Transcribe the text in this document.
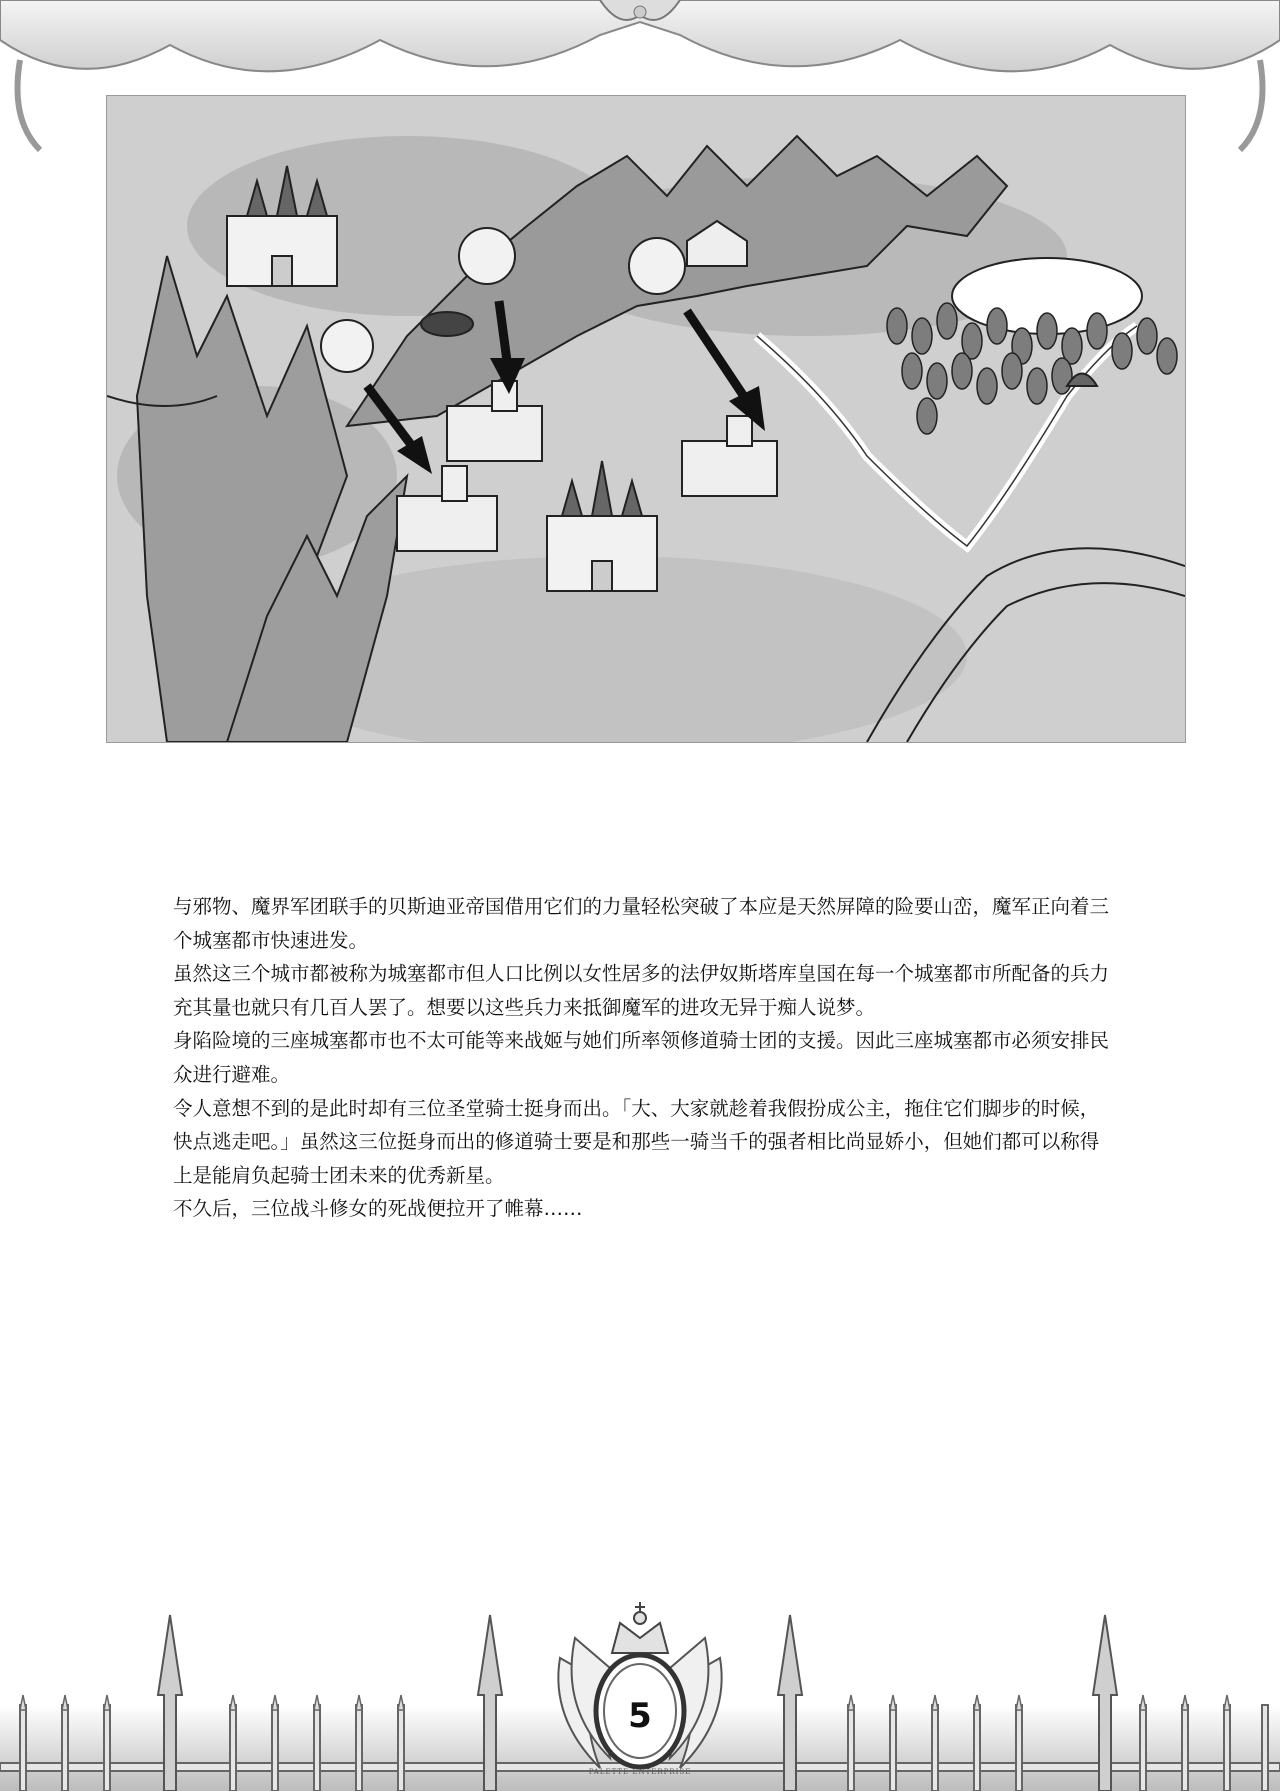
与邪物、魔界军团联手的贝斯迪亚帝国借用它们的力量轻松突破了本应是天然屏障的险要山峦，魔军正向着三个城塞都市快速进发。

虽然这三个城市都被称为城塞都市但人口比例以女性居多的法伊奴斯塔库皇国在每一个城塞都市所配备的兵力充其量也就只有几百人罢了。想要以这些兵力来抵御魔军的进攻无异于痴人说梦。

身陷险境的三座城塞都市也不太可能等来战姬与她们所率领修道骑士团的支援。因此三座城塞都市必须安排民众进行避难。

令人意想不到的是此时却有三位圣堂骑士挺身而出。「大、大家就趁着我假扮成公主，拖住它们脚步的时候，快点逃走吧。」虽然这三位挺身而出的修道骑士要是和那些一骑当千的强者相比尚显娇小，但她们都可以称得上是能肩负起骑士团未来的优秀新星。

不久后，三位战斗修女的死战便拉开了帷幕……

5
PALETTE ENTERPRISE
